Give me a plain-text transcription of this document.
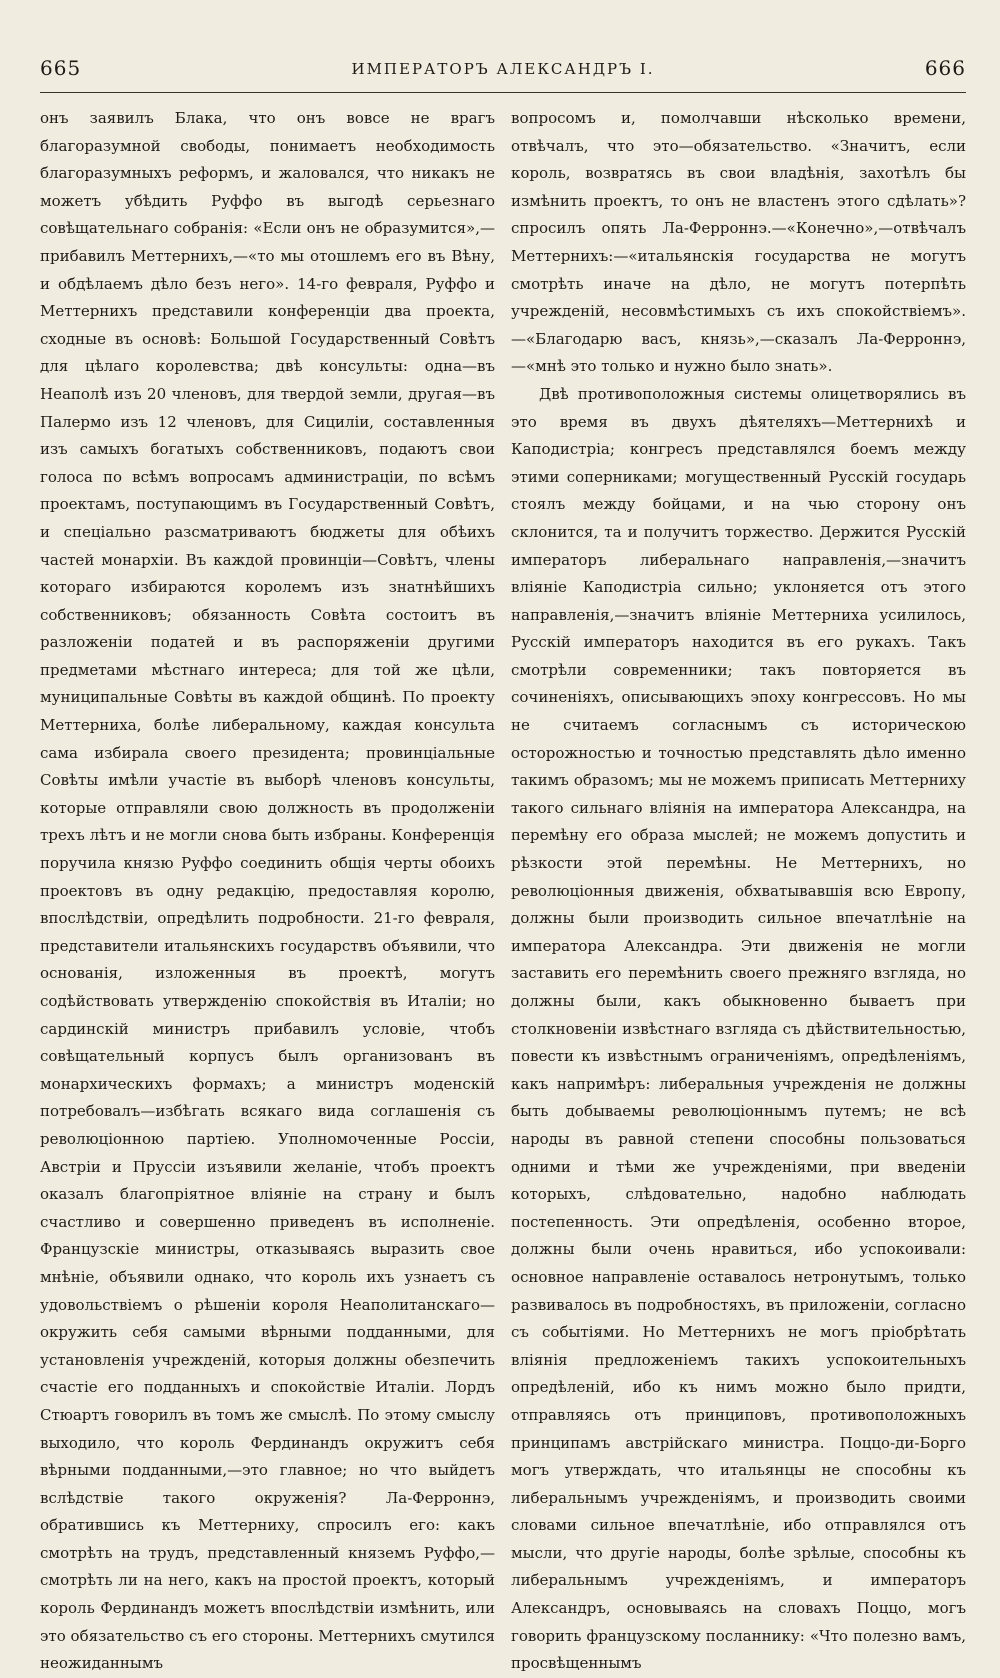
665	ИМПЕРАТОРЪ АЛЕКСАНДРЪ I.	666

онъ заявилъ Блака, что онъ вовсе не врагъ благоразумной свободы, понимаетъ необходимость благоразумныхъ реформъ, и жаловался, что никакъ не можетъ убѣдить Руффо въ выгодѣ серьезнаго совѣщательнаго собранія: «Если онъ не образумится»,—прибавилъ Меттернихъ,—«то мы отошлемъ его въ Вѣну, и обдѣлаемъ дѣло безъ него». 14-го февраля, Руффо и Меттернихъ представили конференціи два проекта, сходные въ основѣ: Большой Государственный Совѣтъ для цѣлаго королевства; двѣ консульты: одна—въ Неаполѣ изъ 20 членовъ, для твердой земли, другая—въ Палермо изъ 12 членовъ, для Сициліи, составленныя изъ самыхъ богатыхъ собственниковъ, подаютъ свои голоса по всѣмъ вопросамъ администраціи, по всѣмъ проектамъ, поступающимъ въ Государственный Совѣтъ, и спеціально разсматриваютъ бюджеты для обѣихъ частей монархіи. Въ каждой провинціи—Совѣтъ, члены котораго избираются королемъ изъ знатнѣйшихъ собственниковъ; обязанность Совѣта состоитъ въ разложеніи податей и въ распоряженіи другими предметами мѣстнаго интереса; для той же цѣли, муниципальные Совѣты въ каждой общинѣ. По проекту Меттерниха, болѣе либеральному, каждая консульта сама избирала своего президента; провинціальные Совѣты имѣли участіе въ выборѣ членовъ консульты, которые отправляли свою должность въ продолженіи трехъ лѣтъ и не могли снова быть избраны. Конференція поручила князю Руффо соединить общія черты обоихъ проектовъ въ одну редакцію, предоставляя королю, впослѣдствіи, опредѣлить подробности. 21-го февраля, представители итальянскихъ государствъ объявили, что основанія, изложенныя въ проектѣ, могутъ содѣйствовать утвержденію спокойствія въ Италіи; но сардинскій министръ прибавилъ условіе, чтобъ совѣщательный корпусъ былъ организованъ въ монархическихъ формахъ; а министръ моденскій потребовалъ—избѣгать всякаго вида соглашенія съ революціонною партіею. Уполномоченные Россіи, Австріи и Пруссіи изъявили желаніе, чтобъ проектъ оказалъ благопріятное вліяніе на страну и былъ счастливо и совершенно приведенъ въ исполненіе. Французскіе министры, отказываясь выразить свое мнѣніе, объявили однако, что король ихъ узнаетъ съ удовольствіемъ о рѣшеніи короля Неаполитанскаго—окружить себя самыми вѣрными подданными, для установленія учрежденій, которыя должны обезпечить счастіе его подданныхъ и спокойствіе Италіи. Лордъ Стюартъ говорилъ въ томъ же смыслѣ. По этому смыслу выходило, что король Фердинандъ окружитъ себя вѣрными подданными,—это главное; но что выйдетъ вслѣдствіе такого окруженія? Ла-Ферроннэ, обратившись къ Меттерниху, спросилъ его: какъ смотрѣть на трудъ, представленный княземъ Руффо,—смотрѣть ли на него, какъ на простой проектъ, который король Фердинандъ можетъ впослѣдствіи измѣнить, или это обязательство съ его стороны. Меттернихъ смутился неожиданнымъ

вопросомъ и, помолчавши нѣсколько времени, отвѣчалъ, что это—обязательство. «Значитъ, если король, возвратясь въ свои владѣнія, захотѣлъ бы измѣнить проектъ, то онъ не властенъ этого сдѣлать»? спросилъ опять Ла-Ферроннэ.—«Конечно»,—отвѣчалъ Меттернихъ:—«итальянскія государства не могутъ смотрѣть иначе на дѣло, не могутъ потерпѣть учрежденій, несовмѣстимыхъ съ ихъ спокойствіемъ».—«Благодарю васъ, князь»,—сказалъ Ла-Ферроннэ,—«мнѣ это только и нужно было знать».

Двѣ противоположныя системы олицетворялись въ это время въ двухъ дѣятеляхъ—Меттернихѣ и Каподистріа; конгресъ представлялся боемъ между этими соперниками; могущественный Русскій государь стоялъ между бойцами, и на чью сторону онъ склонится, та и получитъ торжество. Держится Русскій императоръ либеральнаго направленія,—значитъ вліяніе Каподистріа сильно; уклоняется отъ этого направленія,—значитъ вліяніе Меттерниха усилилось, Русскій императоръ находится въ его рукахъ. Такъ смотрѣли современники; такъ повторяется въ сочиненіяхъ, описывающихъ эпоху конгрессовъ. Но мы не считаемъ согласнымъ съ историческою осторожностью и точностью представлять дѣло именно такимъ образомъ; мы не можемъ приписать Меттерниху такого сильнаго вліянія на императора Александра, на перемѣну его образа мыслей; не можемъ допустить и рѣзкости этой перемѣны. Не Меттернихъ, но революціонныя движенія, обхватывавшія всю Европу, должны были производить сильное впечатлѣніе на императора Александра. Эти движенія не могли заставить его перемѣнить своего прежняго взгляда, но должны были, какъ обыкновенно бываетъ при столкновеніи извѣстнаго взгляда съ дѣйствительностью, повести къ извѣстнымъ ограниченіямъ, опредѣленіямъ, какъ напримѣръ: либеральныя учрежденія не должны быть добываемы революціоннымъ путемъ; не всѣ народы въ равной степени способны пользоваться одними и тѣми же учрежденіями, при введеніи которыхъ, слѣдовательно, надобно наблюдать постепенность. Эти опредѣленія, особенно второе, должны были очень нравиться, ибо успокоивали: основное направленіе оставалось нетронутымъ, только развивалось въ подробностяхъ, въ приложеніи, согласно съ событіями. Но Меттернихъ не могъ пріобрѣтать вліянія предложеніемъ такихъ успокоительныхъ опредѣленій, ибо къ нимъ можно было придти, отправляясь отъ принциповъ, противоположныхъ принципамъ австрійскаго министра. Поццо-ди-Борго могъ утверждать, что итальянцы не способны къ либеральнымъ учрежденіямъ, и производить своими словами сильное впечатлѣніе, ибо отправлялся отъ мысли, что другіе народы, болѣе зрѣлые, способны къ либеральнымъ учрежденіямъ, и императоръ Александръ, основываясь на словахъ Поццо, могъ говорить французскому посланнику: «Что полезно вамъ, просвѣщеннымъ
